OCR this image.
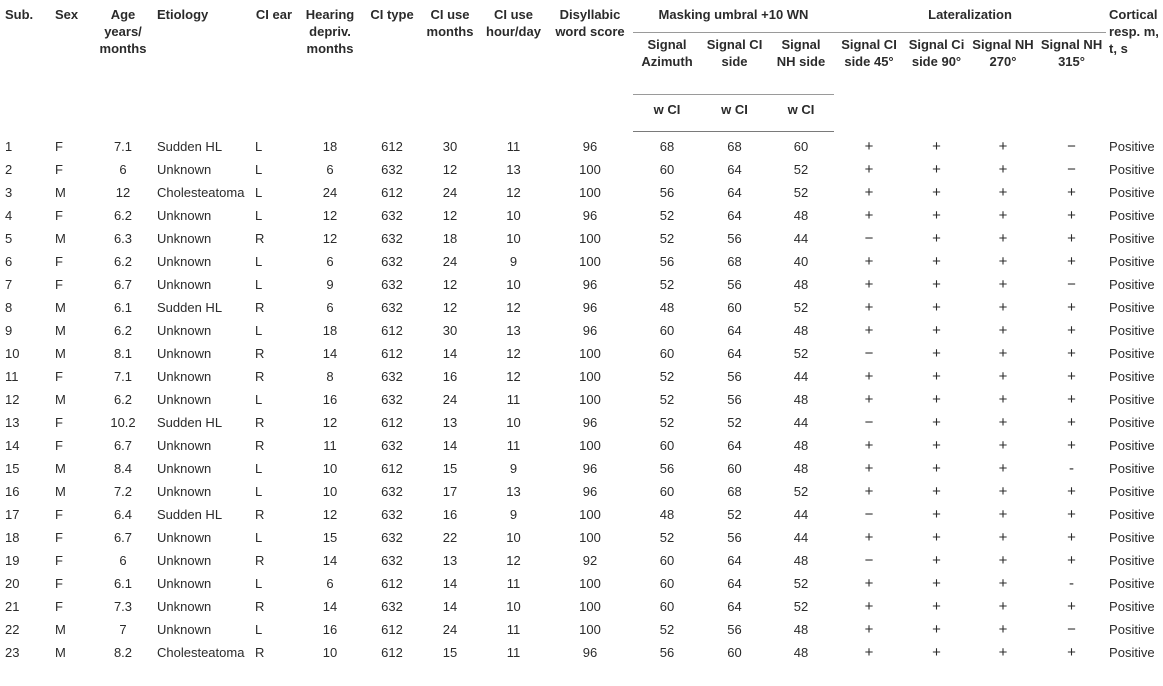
Sub.	Sex	Age years/ months	Etiology	CI ear	Hearing depriv. months	CI type	CI use months	CI use hour/day	Disyllabic word score	Masking umbral +10 WN			Lateralization				Cortical resp. m, t, s
										Signal Azimuth	Signal CI side	Signal NH side	Signal CI side 45°	Signal Ci side 90°	Signal NH 270°	Signal NH 315°	
										w CI	w CI	w CI					
1	F	7.1	Sudden HL	L	18	612	30	11	96	68	68	60	+	+	+	−	Positive
2	F	6	Unknown	L	6	632	12	13	100	60	64	52	+	+	+	−	Positive
3	M	12	Cholesteatoma	L	24	612	24	12	100	56	64	52	+	+	+	+	Positive
4	F	6.2	Unknown	L	12	632	12	10	96	52	64	48	+	+	+	+	Positive
5	M	6.3	Unknown	R	12	632	18	10	100	52	56	44	−	+	+	+	Positive
6	F	6.2	Unknown	L	6	632	24	9	100	56	68	40	+	+	+	+	Positive
7	F	6.7	Unknown	L	9	632	12	10	96	52	56	48	+	+	+	−	Positive
8	M	6.1	Sudden HL	R	6	632	12	12	96	48	60	52	+	+	+	+	Positive
9	M	6.2	Unknown	L	18	612	30	13	96	60	64	48	+	+	+	+	Positive
10	M	8.1	Unknown	R	14	612	14	12	100	60	64	52	−	+	+	+	Positive
11	F	7.1	Unknown	R	8	632	16	12	100	52	56	44	+	+	+	+	Positive
12	M	6.2	Unknown	L	16	632	24	11	100	52	56	48	+	+	+	+	Positive
13	F	10.2	Sudden HL	R	12	612	13	10	96	52	52	44	−	+	+	+	Positive
14	F	6.7	Unknown	R	11	632	14	11	100	60	64	48	+	+	+	+	Positive
15	M	8.4	Unknown	L	10	612	15	9	96	56	60	48	+	+	+	-	Positive
16	M	7.2	Unknown	L	10	632	17	13	96	60	68	52	+	+	+	+	Positive
17	F	6.4	Sudden HL	R	12	632	16	9	100	48	52	44	−	+	+	+	Positive
18	F	6.7	Unknown	L	15	632	22	10	100	52	56	44	+	+	+	+	Positive
19	F	6	Unknown	R	14	632	13	12	92	60	64	48	−	+	+	+	Positive
20	F	6.1	Unknown	L	6	612	14	11	100	60	64	52	+	+	+	-	Positive
21	F	7.3	Unknown	R	14	632	14	10	100	60	64	52	+	+	+	+	Positive
22	M	7	Unknown	L	16	612	24	11	100	52	56	48	+	+	+	−	Positive
23	M	8.2	Cholesteatoma	R	10	612	15	11	96	56	60	48	+	+	+	+	Positive
